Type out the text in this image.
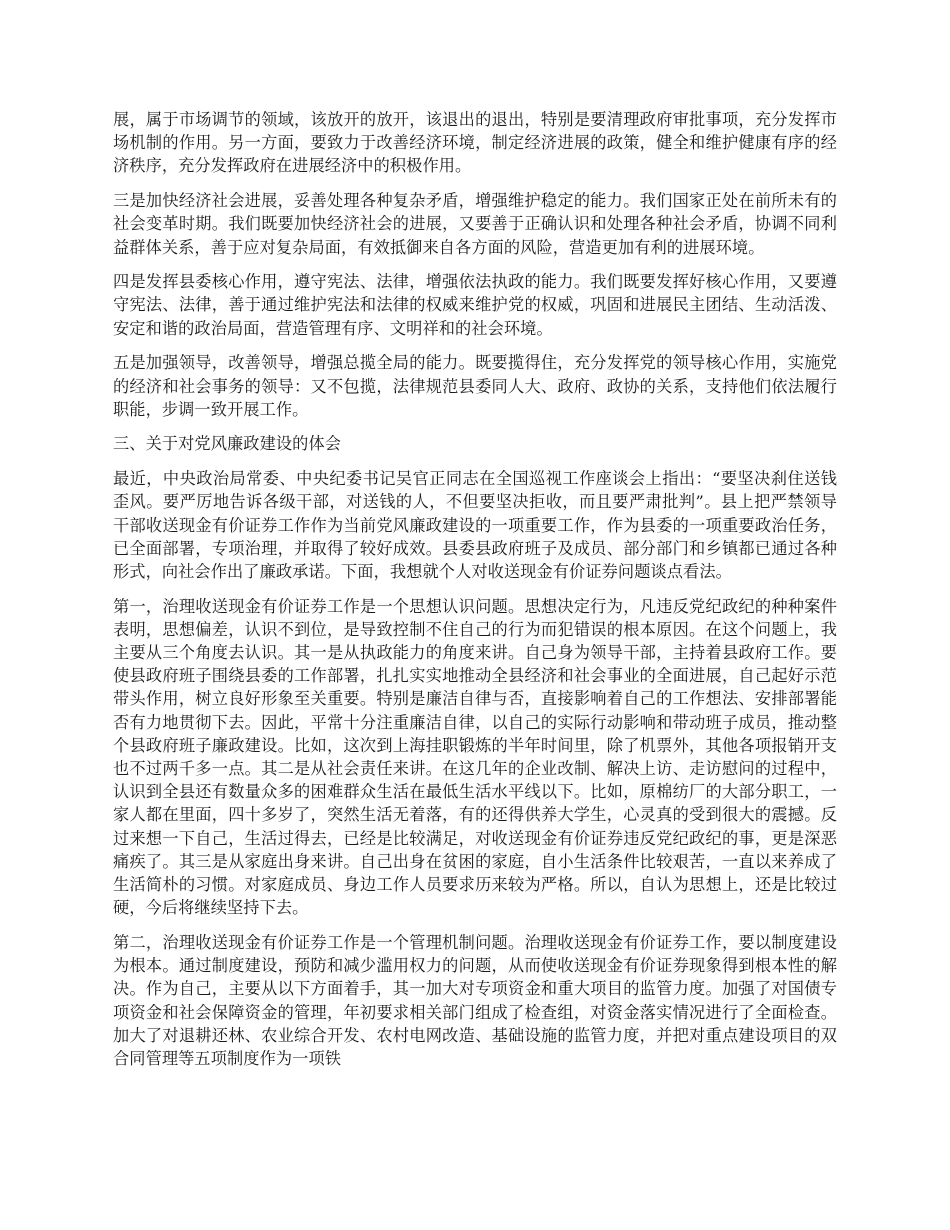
展，属于市场调节的领域，该放开的放开，该退出的退出，特别是要清理政府审批事项，充分发挥市场机制的作用。另一方面，要致力于改善经济环境，制定经济进展的政策，健全和维护健康有序的经济秩序，充分发挥政府在进展经济中的积极作用。

三是加快经济社会进展，妥善处理各种复杂矛盾，增强维护稳定的能力。我们国家正处在前所未有的社会变革时期。我们既要加快经济社会的进展，又要善于正确认识和处理各种社会矛盾，协调不同利益群体关系，善于应对复杂局面，有效抵御来自各方面的风险，营造更加有利的进展环境。

四是发挥县委核心作用，遵守宪法、法律，增强依法执政的能力。我们既要发挥好核心作用，又要遵守宪法、法律，善于通过维护宪法和法律的权威来维护党的权威，巩固和进展民主团结、生动活泼、安定和谐的政治局面，营造管理有序、文明祥和的社会环境。

五是加强领导，改善领导，增强总揽全局的能力。既要揽得住，充分发挥党的领导核心作用，实施党的经济和社会事务的领导：又不包揽，法律规范县委同人大、政府、政协的关系，支持他们依法履行职能，步调一致开展工作。

三、关于对党风廉政建设的体会

最近，中央政治局常委、中央纪委书记吴官正同志在全国巡视工作座谈会上指出：“要坚决刹住送钱歪风。要严厉地告诉各级干部，对送钱的人，不但要坚决拒收，而且要严肃批判”。县上把严禁领导干部收送现金有价证券工作作为当前党风廉政建设的一项重要工作，作为县委的一项重要政治任务，已全面部署，专项治理，并取得了较好成效。县委县政府班子及成员、部分部门和乡镇都已通过各种形式，向社会作出了廉政承诺。下面，我想就个人对收送现金有价证券问题谈点看法。

第一，治理收送现金有价证券工作是一个思想认识问题。思想决定行为，凡违反党纪政纪的种种案件表明，思想偏差，认识不到位，是导致控制不住自己的行为而犯错误的根本原因。在这个问题上，我主要从三个角度去认识。其一是从执政能力的角度来讲。自己身为领导干部，主持着县政府工作。要使县政府班子围绕县委的工作部署，扎扎实实地推动全县经济和社会事业的全面进展，自己起好示范带头作用，树立良好形象至关重要。特别是廉洁自律与否，直接影响着自己的工作想法、安排部署能否有力地贯彻下去。因此，平常十分注重廉洁自律，以自己的实际行动影响和带动班子成员，推动整个县政府班子廉政建设。比如，这次到上海挂职锻炼的半年时间里，除了机票外，其他各项报销开支也不过两千多一点。其二是从社会责任来讲。在这几年的企业改制、解决上访、走访慰问的过程中，认识到全县还有数量众多的困难群众生活在最低生活水平线以下。比如，原棉纺厂的大部分职工，一家人都在里面，四十多岁了，突然生活无着落，有的还得供养大学生，心灵真的受到很大的震撼。反过来想一下自己，生活过得去，已经是比较满足，对收送现金有价证券违反党纪政纪的事，更是深恶痛疾了。其三是从家庭出身来讲。自己出身在贫困的家庭，自小生活条件比较艰苦，一直以来养成了生活简朴的习惯。对家庭成员、身边工作人员要求历来较为严格。所以，自认为思想上，还是比较过硬，今后将继续坚持下去。

第二，治理收送现金有价证券工作是一个管理机制问题。治理收送现金有价证券工作，要以制度建设为根本。通过制度建设，预防和减少滥用权力的问题，从而使收送现金有价证券现象得到根本性的解决。作为自己，主要从以下方面着手，其一加大对专项资金和重大项目的监管力度。加强了对国债专项资金和社会保障资金的管理，年初要求相关部门组成了检查组，对资金落实情况进行了全面检查。加大了对退耕还林、农业综合开发、农村电网改造、基础设施的监管力度，并把对重点建设项目的双合同管理等五项制度作为一项铁
